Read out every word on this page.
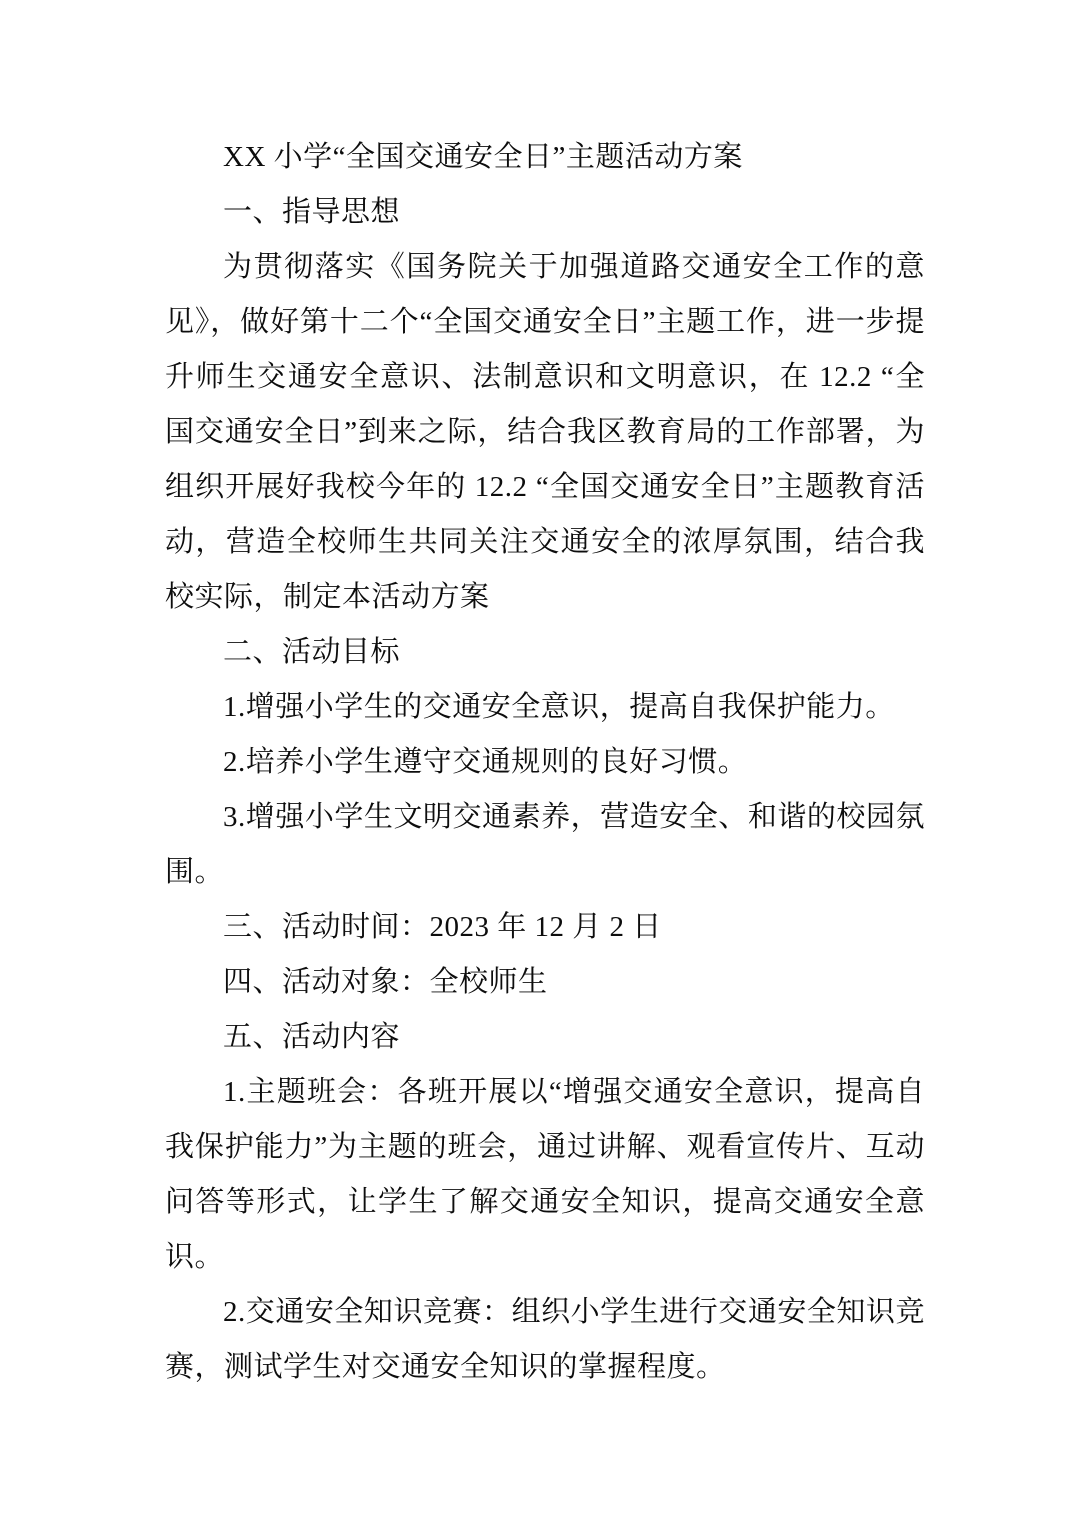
XX 小学“全国交通安全日”主题活动方案

一、指导思想

为贯彻落实《国务院关于加强道路交通安全工作的意见》，做好第十二个“全国交通安全日”主题工作，进一步提升师生交通安全意识、法制意识和文明意识，在 12.2 “全国交通安全日”到来之际，结合我区教育局的工作部署，为组织开展好我校今年的 12.2 “全国交通安全日”主题教育活动，营造全校师生共同关注交通安全的浓厚氛围，结合我校实际，制定本活动方案

二、活动目标

1.增强小学生的交通安全意识，提高自我保护能力。

2.培养小学生遵守交通规则的良好习惯。

3.增强小学生文明交通素养，营造安全、和谐的校园氛围。

三、活动时间：2023 年 12 月 2 日

四、活动对象：全校师生

五、活动内容

1.主题班会：各班开展以“增强交通安全意识，提高自我保护能力”为主题的班会，通过讲解、观看宣传片、互动问答等形式，让学生了解交通安全知识，提高交通安全意识。

2.交通安全知识竞赛：组织小学生进行交通安全知识竞赛，测试学生对交通安全知识的掌握程度。
